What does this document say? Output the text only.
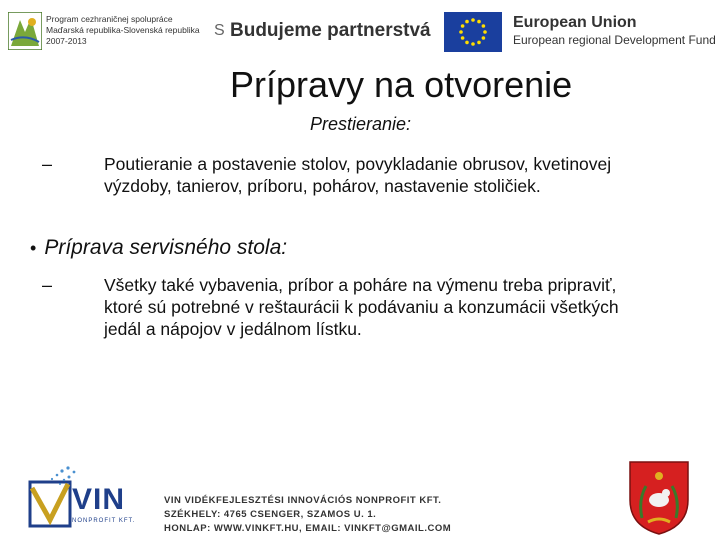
Program cezhraničnej spolupráce
Maďarská republika-Slovenská republika
2007-2013
S Budujeme partnerstvá	European Union
European regional Development Fund
Prípravy na otvorenie
Prestieranie:
–	Poutieranie a postavenie stolov, povykladanie obrusov, kvetinovej
výzdoby, tanierov, príboru, pohárov, nastavenie stoličiek.
• Príprava servisného stola:
–	Všetky také vybavenia, príbor a poháre na výmenu treba pripraviť,
ktoré sú potrebné v reštaurácii k podávaniu a konzumácii všetkých
jedál a nápojov v jedálnom lístku.
VIN
NONPROFIT KFT.
VIN VIDÉKFEJLESZTÉSI INNOVÁCIÓS NONPROFIT KFT.
SZÉKHELY: 4765 CSENGER, SZAMOS U. 1.
HONLAP: WWW.VINKFT.HU, EMAIL: VINKFT@GMAIL.COM
